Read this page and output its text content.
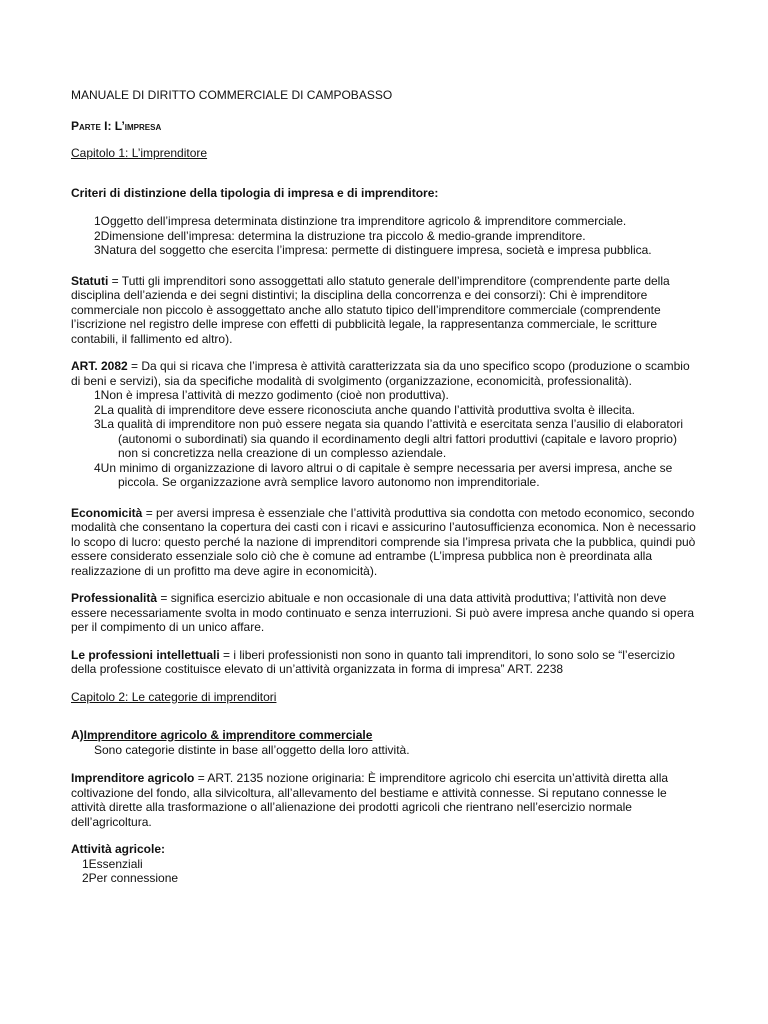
MANUALE DI DIRITTO COMMERCIALE DI CAMPOBASSO

Parte I: L’impresa

Capitolo 1: L’imprenditore

Criteri di distinzione della tipologia di impresa e di imprenditore:

1Oggetto dell’impresa determinata distinzione tra imprenditore agricolo & imprenditore commerciale.
2Dimensione dell’impresa: determina la distruzione tra piccolo & medio-grande imprenditore.
3Natura del soggetto che esercita l’impresa: permette di distinguere impresa, società e impresa pubblica.

Statuti = Tutti gli imprenditori sono assoggettati allo statuto generale dell’imprenditore (comprendente parte della disciplina dell’azienda e dei segni distintivi; la disciplina della concorrenza e dei consorzi): Chi è imprenditore commerciale non piccolo è assoggettato anche allo statuto tipico dell’imprenditore commerciale (comprendente l’iscrizione nel registro delle imprese con effetti di pubblicità legale, la rappresentanza commerciale, le scritture contabili, il fallimento ed altro).

ART. 2082 = Da qui si ricava che l’impresa è attività caratterizzata sia da uno specifico scopo (produzione o scambio di beni e servizi), sia da specifiche modalità di svolgimento (organizzazione, economicità, professionalità).

1Non è impresa l’attività di mezzo godimento (cioè non produttiva).
2La qualità di imprenditore deve essere riconosciuta anche quando l’attività produttiva svolta è illecita.
3La qualità di imprenditore non può essere negata sia quando l’attività e esercitata senza l’ausilio di elaboratori (autonomi o subordinati) sia quando il ecordinamento degli altri fattori produttivi (capitale e lavoro proprio) non si concretizza nella creazione di un complesso aziendale.
4Un minimo di organizzazione di lavoro altrui o di capitale è sempre necessaria per aversi impresa, anche se piccola. Se organizzazione avrà semplice lavoro autonomo non imprenditoriale.

Economicità = per aversi impresa è essenziale che l’attività produttiva sia condotta con metodo economico, secondo modalità che consentano la copertura dei casti con i ricavi e assicurino l’autosufficienza economica. Non è necessario lo scopo di lucro: questo perché la nazione di imprenditori comprende sia l’impresa privata che la pubblica, quindi può essere considerato essenziale solo ciò che è comune ad entrambe (L’impresa pubblica non è preordinata alla realizzazione di un profitto ma deve agire in economicità).

Professionalità = significa esercizio abituale e non occasionale di una data attività produttiva; l’attività non deve essere necessariamente svolta in modo continuato e senza interruzioni. Si può avere impresa anche quando si opera per il compimento di un unico affare.

Le professioni intellettuali = i liberi professionisti non sono in quanto tali imprenditori, lo sono solo se “l’esercizio della professione costituisce elevato di un’attività organizzata in forma di impresa” ART. 2238

Capitolo 2: Le categorie di imprenditori

A)Imprenditore agricolo & imprenditore commerciale

Sono categorie distinte in base all’oggetto della loro attività.

Imprenditore agricolo = ART. 2135 nozione originaria: È imprenditore agricolo chi esercita un’attività diretta alla coltivazione del fondo, alla silvicoltura, all’allevamento del bestiame e attività connesse. Si reputano connesse le attività dirette alla trasformazione o all’alienazione dei prodotti agricoli che rientrano nell’esercizio normale dell’agricoltura.

Attività agricole:

1Essenziali
2Per connessione
